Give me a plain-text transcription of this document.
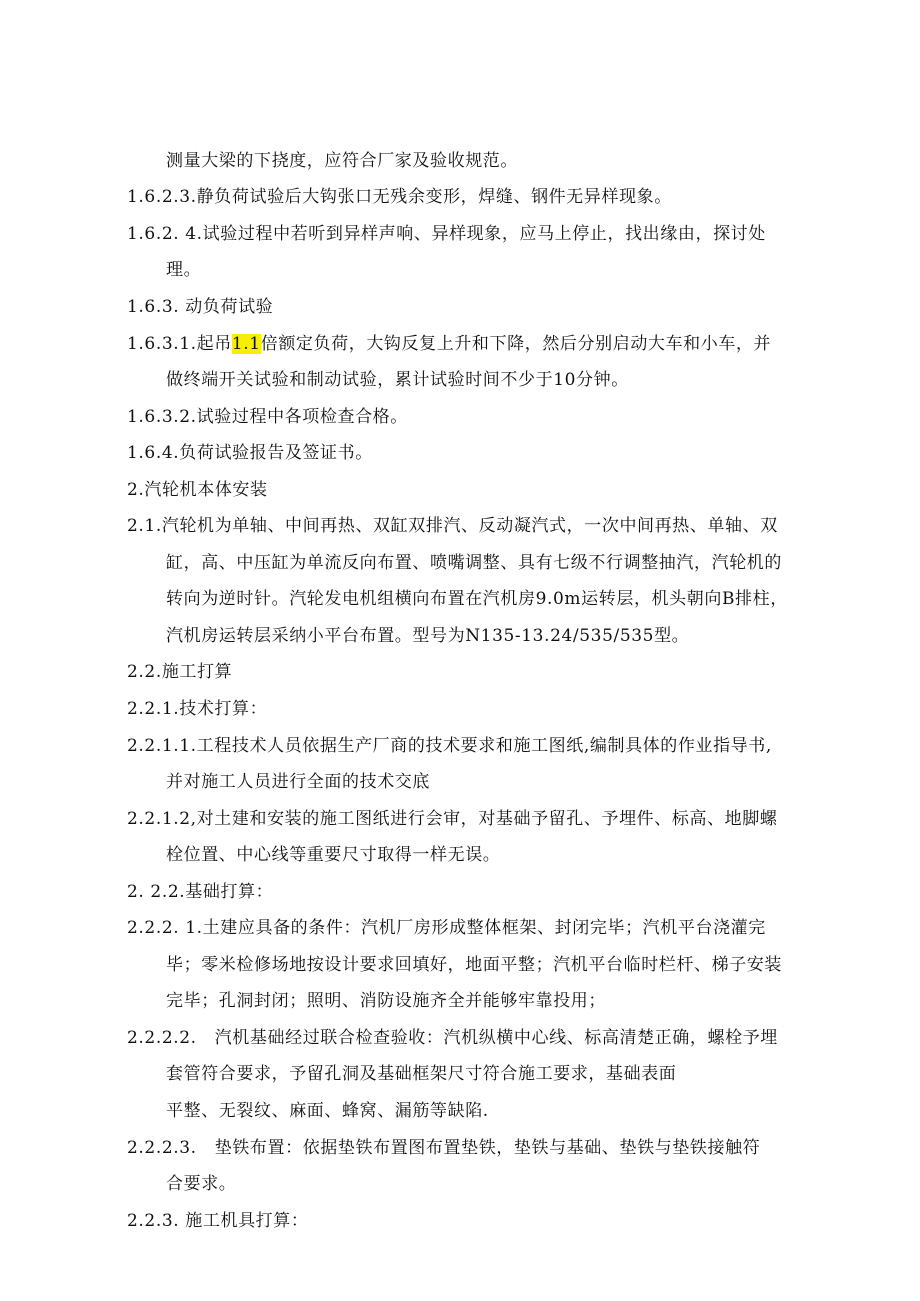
测量大梁的下挠度，应符合厂家及验收规范。
1.6.2.3.静负荷试验后大钩张口无残余变形，焊缝、钢件无异样现象。
1.6.2. 4.试验过程中若听到异样声响、异样现象，应马上停止，找出缘由，探讨处
理。
1.6.3. 动负荷试验
1.6.3.1.起吊1.1倍额定负荷，大钩反复上升和下降，然后分别启动大车和小车，并
做终端开关试验和制动试验，累计试验时间不少于10分钟。
1.6.3.2.试验过程中各项检查合格。
1.6.4.负荷试验报告及签证书。
2.汽轮机本体安装
2.1.汽轮机为单轴、中间再热、双缸双排汽、反动凝汽式，一次中间再热、单轴、双
缸，高、中压缸为单流反向布置、喷嘴调整、具有七级不行调整抽汽，汽轮机的
转向为逆时针。汽轮发电机组横向布置在汽机房9.0m运转层，机头朝向B排柱，
汽机房运转层采纳小平台布置。型号为N135-13.24/535/535型。
2.2.施工打算
2.2.1.技术打算：
2.2.1.1.工程技术人员依据生产厂商的技术要求和施工图纸,编制具体的作业指导书,
并对施工人员进行全面的技术交底
2.2.1.2,对土建和安装的施工图纸进行会审，对基础予留孔、予埋件、标高、地脚螺
栓位置、中心线等重要尺寸取得一样无误。
2. 2.2.基础打算：
2.2.2. 1.土建应具备的条件：汽机厂房形成整体框架、封闭完毕；汽机平台浇灌完
毕；零米检修场地按设计要求回填好，地面平整；汽机平台临时栏杆、梯子安装
完毕；孔洞封闭；照明、消防设施齐全并能够牢靠投用；
2.2.2.2.   汽机基础经过联合检查验收：汽机纵横中心线、标高清楚正确，螺栓予埋
套管符合要求，予留孔洞及基础框架尺寸符合施工要求，基础表面
平整、无裂纹、麻面、蜂窝、漏筋等缺陷.
2.2.2.3.   垫铁布置：依据垫铁布置图布置垫铁，垫铁与基础、垫铁与垫铁接触符
合要求。
2.2.3. 施工机具打算：
